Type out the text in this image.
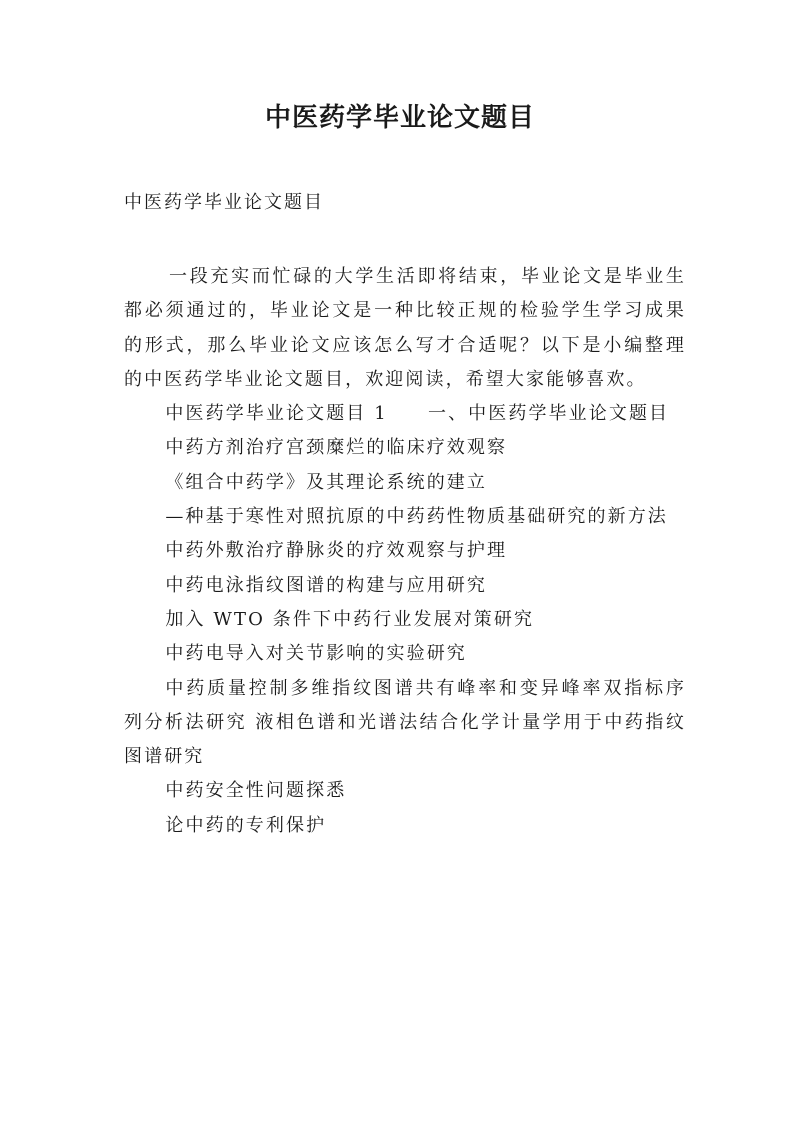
中医药学毕业论文题目
中医药学毕业论文题目

一段充实而忙碌的大学生活即将结束，毕业论文是毕业生都必须通过的，毕业论文是一种比较正规的检验学生学习成果的形式，那么毕业论文应该怎么写才合适呢？以下是小编整理的中医药学毕业论文题目，欢迎阅读，希望大家能够喜欢。

中医药学毕业论文题目 1　　一、中医药学毕业论文题目

中药方剂治疗宫颈糜烂的临床疗效观察

《组合中药学》及其理论系统的建立

—种基于寒性对照抗原的中药药性物质基础研究的新方法

中药外敷治疗静脉炎的疗效观察与护理

中药电泳指纹图谱的构建与应用研究

加入 WTO 条件下中药行业发展对策研究

中药电导入对关节影响的实验研究

中药质量控制多维指纹图谱共有峰率和变异峰率双指标序列分析法研究 液相色谱和光谱法结合化学计量学用于中药指纹图谱研究

中药安全性问题探悉

论中药的专利保护
